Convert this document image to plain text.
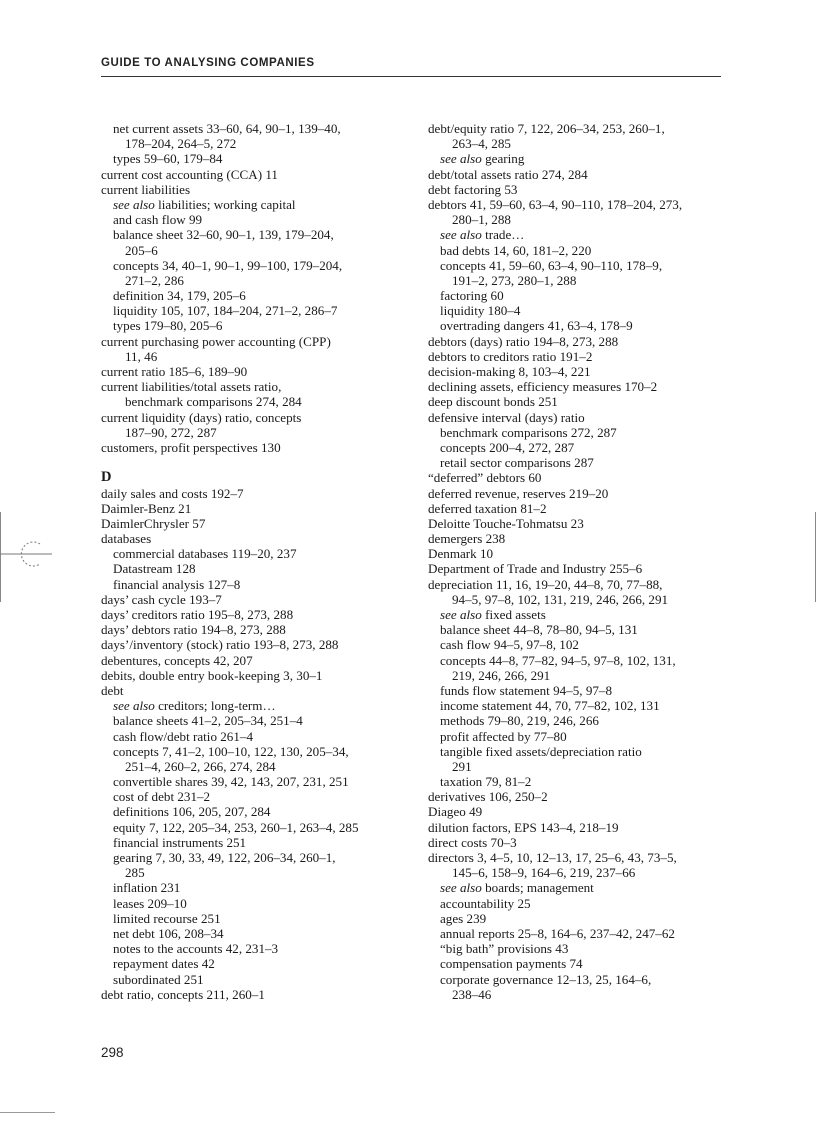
GUIDE TO ANALYSING COMPANIES
net current assets 33–60, 64, 90–1, 139–40,
178–204, 264–5, 272
types 59–60, 179–84
current cost accounting (CCA) 11
current liabilities
see also liabilities; working capital
and cash flow 99
balance sheet 32–60, 90–1, 139, 179–204,
205–6
concepts 34, 40–1, 90–1, 99–100, 179–204,
271–2, 286
definition 34, 179, 205–6
liquidity 105, 107, 184–204, 271–2, 286–7
types 179–80, 205–6
current purchasing power accounting (CPP)
11, 46
current ratio 185–6, 189–90
current liabilities/total assets ratio,
benchmark comparisons 274, 284
current liquidity (days) ratio, concepts
187–90, 272, 287
customers, profit perspectives 130
D
daily sales and costs 192–7
Daimler-Benz 21
DaimlerChrysler 57
databases
commercial databases 119–20, 237
Datastream 128
financial analysis 127–8
days’ cash cycle 193–7
days’ creditors ratio 195–8, 273, 288
days’ debtors ratio 194–8, 273, 288
days’/inventory (stock) ratio 193–8, 273, 288
debentures, concepts 42, 207
debits, double entry book-keeping 3, 30–1
debt
see also creditors; long-term…
balance sheets 41–2, 205–34, 251–4
cash flow/debt ratio 261–4
concepts 7, 41–2, 100–10, 122, 130, 205–34,
251–4, 260–2, 266, 274, 284
convertible shares 39, 42, 143, 207, 231, 251
cost of debt 231–2
definitions 106, 205, 207, 284
equity 7, 122, 205–34, 253, 260–1, 263–4, 285
financial instruments 251
gearing 7, 30, 33, 49, 122, 206–34, 260–1,
285
inflation 231
leases 209–10
limited recourse 251
net debt 106, 208–34
notes to the accounts 42, 231–3
repayment dates 42
subordinated 251
debt ratio, concepts 211, 260–1
debt/equity ratio 7, 122, 206–34, 253, 260–1,
263–4, 285
see also gearing
debt/total assets ratio 274, 284
debt factoring 53
debtors 41, 59–60, 63–4, 90–110, 178–204, 273,
280–1, 288
see also trade…
bad debts 14, 60, 181–2, 220
concepts 41, 59–60, 63–4, 90–110, 178–9,
191–2, 273, 280–1, 288
factoring 60
liquidity 180–4
overtrading dangers 41, 63–4, 178–9
debtors (days) ratio 194–8, 273, 288
debtors to creditors ratio 191–2
decision-making 8, 103–4, 221
declining assets, efficiency measures 170–2
deep discount bonds 251
defensive interval (days) ratio
benchmark comparisons 272, 287
concepts 200–4, 272, 287
retail sector comparisons 287
“deferred” debtors 60
deferred revenue, reserves 219–20
deferred taxation 81–2
Deloitte Touche-Tohmatsu 23
demergers 238
Denmark 10
Department of Trade and Industry 255–6
depreciation 11, 16, 19–20, 44–8, 70, 77–88,
94–5, 97–8, 102, 131, 219, 246, 266, 291
see also fixed assets
balance sheet 44–8, 78–80, 94–5, 131
cash flow 94–5, 97–8, 102
concepts 44–8, 77–82, 94–5, 97–8, 102, 131,
219, 246, 266, 291
funds flow statement 94–5, 97–8
income statement 44, 70, 77–82, 102, 131
methods 79–80, 219, 246, 266
profit affected by 77–80
tangible fixed assets/depreciation ratio
291
taxation 79, 81–2
derivatives 106, 250–2
Diageo 49
dilution factors, EPS 143–4, 218–19
direct costs 70–3
directors 3, 4–5, 10, 12–13, 17, 25–6, 43, 73–5,
145–6, 158–9, 164–6, 219, 237–66
see also boards; management
accountability 25
ages 239
annual reports 25–8, 164–6, 237–42, 247–62
“big bath” provisions 43
compensation payments 74
corporate governance 12–13, 25, 164–6,
238–46
298
